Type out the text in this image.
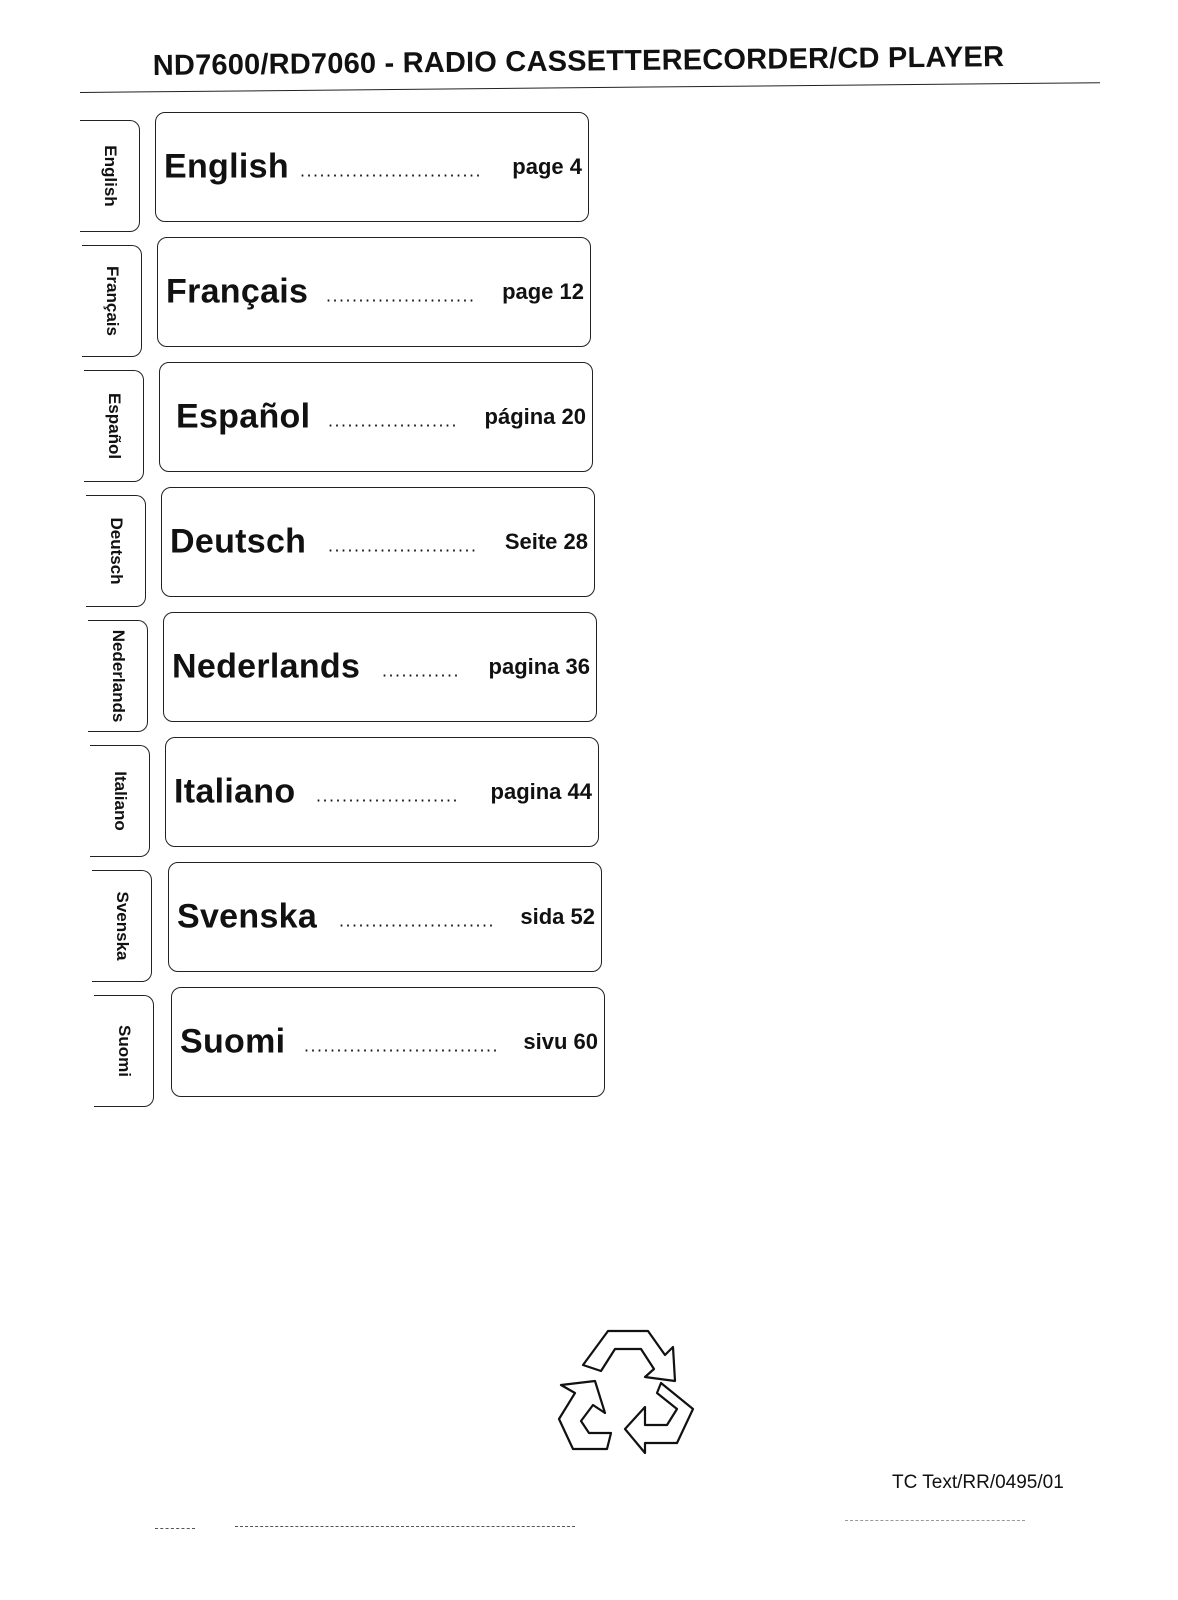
ND7600/RD7060 - RADIO CASSETTERECORDER/CD PLAYER
English
Français
Español
Deutsch
Nederlands
Italiano
Svenska
Suomi
English ............................ page 4
Français ....................... page 12
Español .................... página 20
Deutsch ....................... Seite 28
Nederlands ............ pagina 36
Italiano ...................... pagina 44
Svenska ........................ sida 52
Suomi .............................. sivu 60
TC Text/RR/0495/01
